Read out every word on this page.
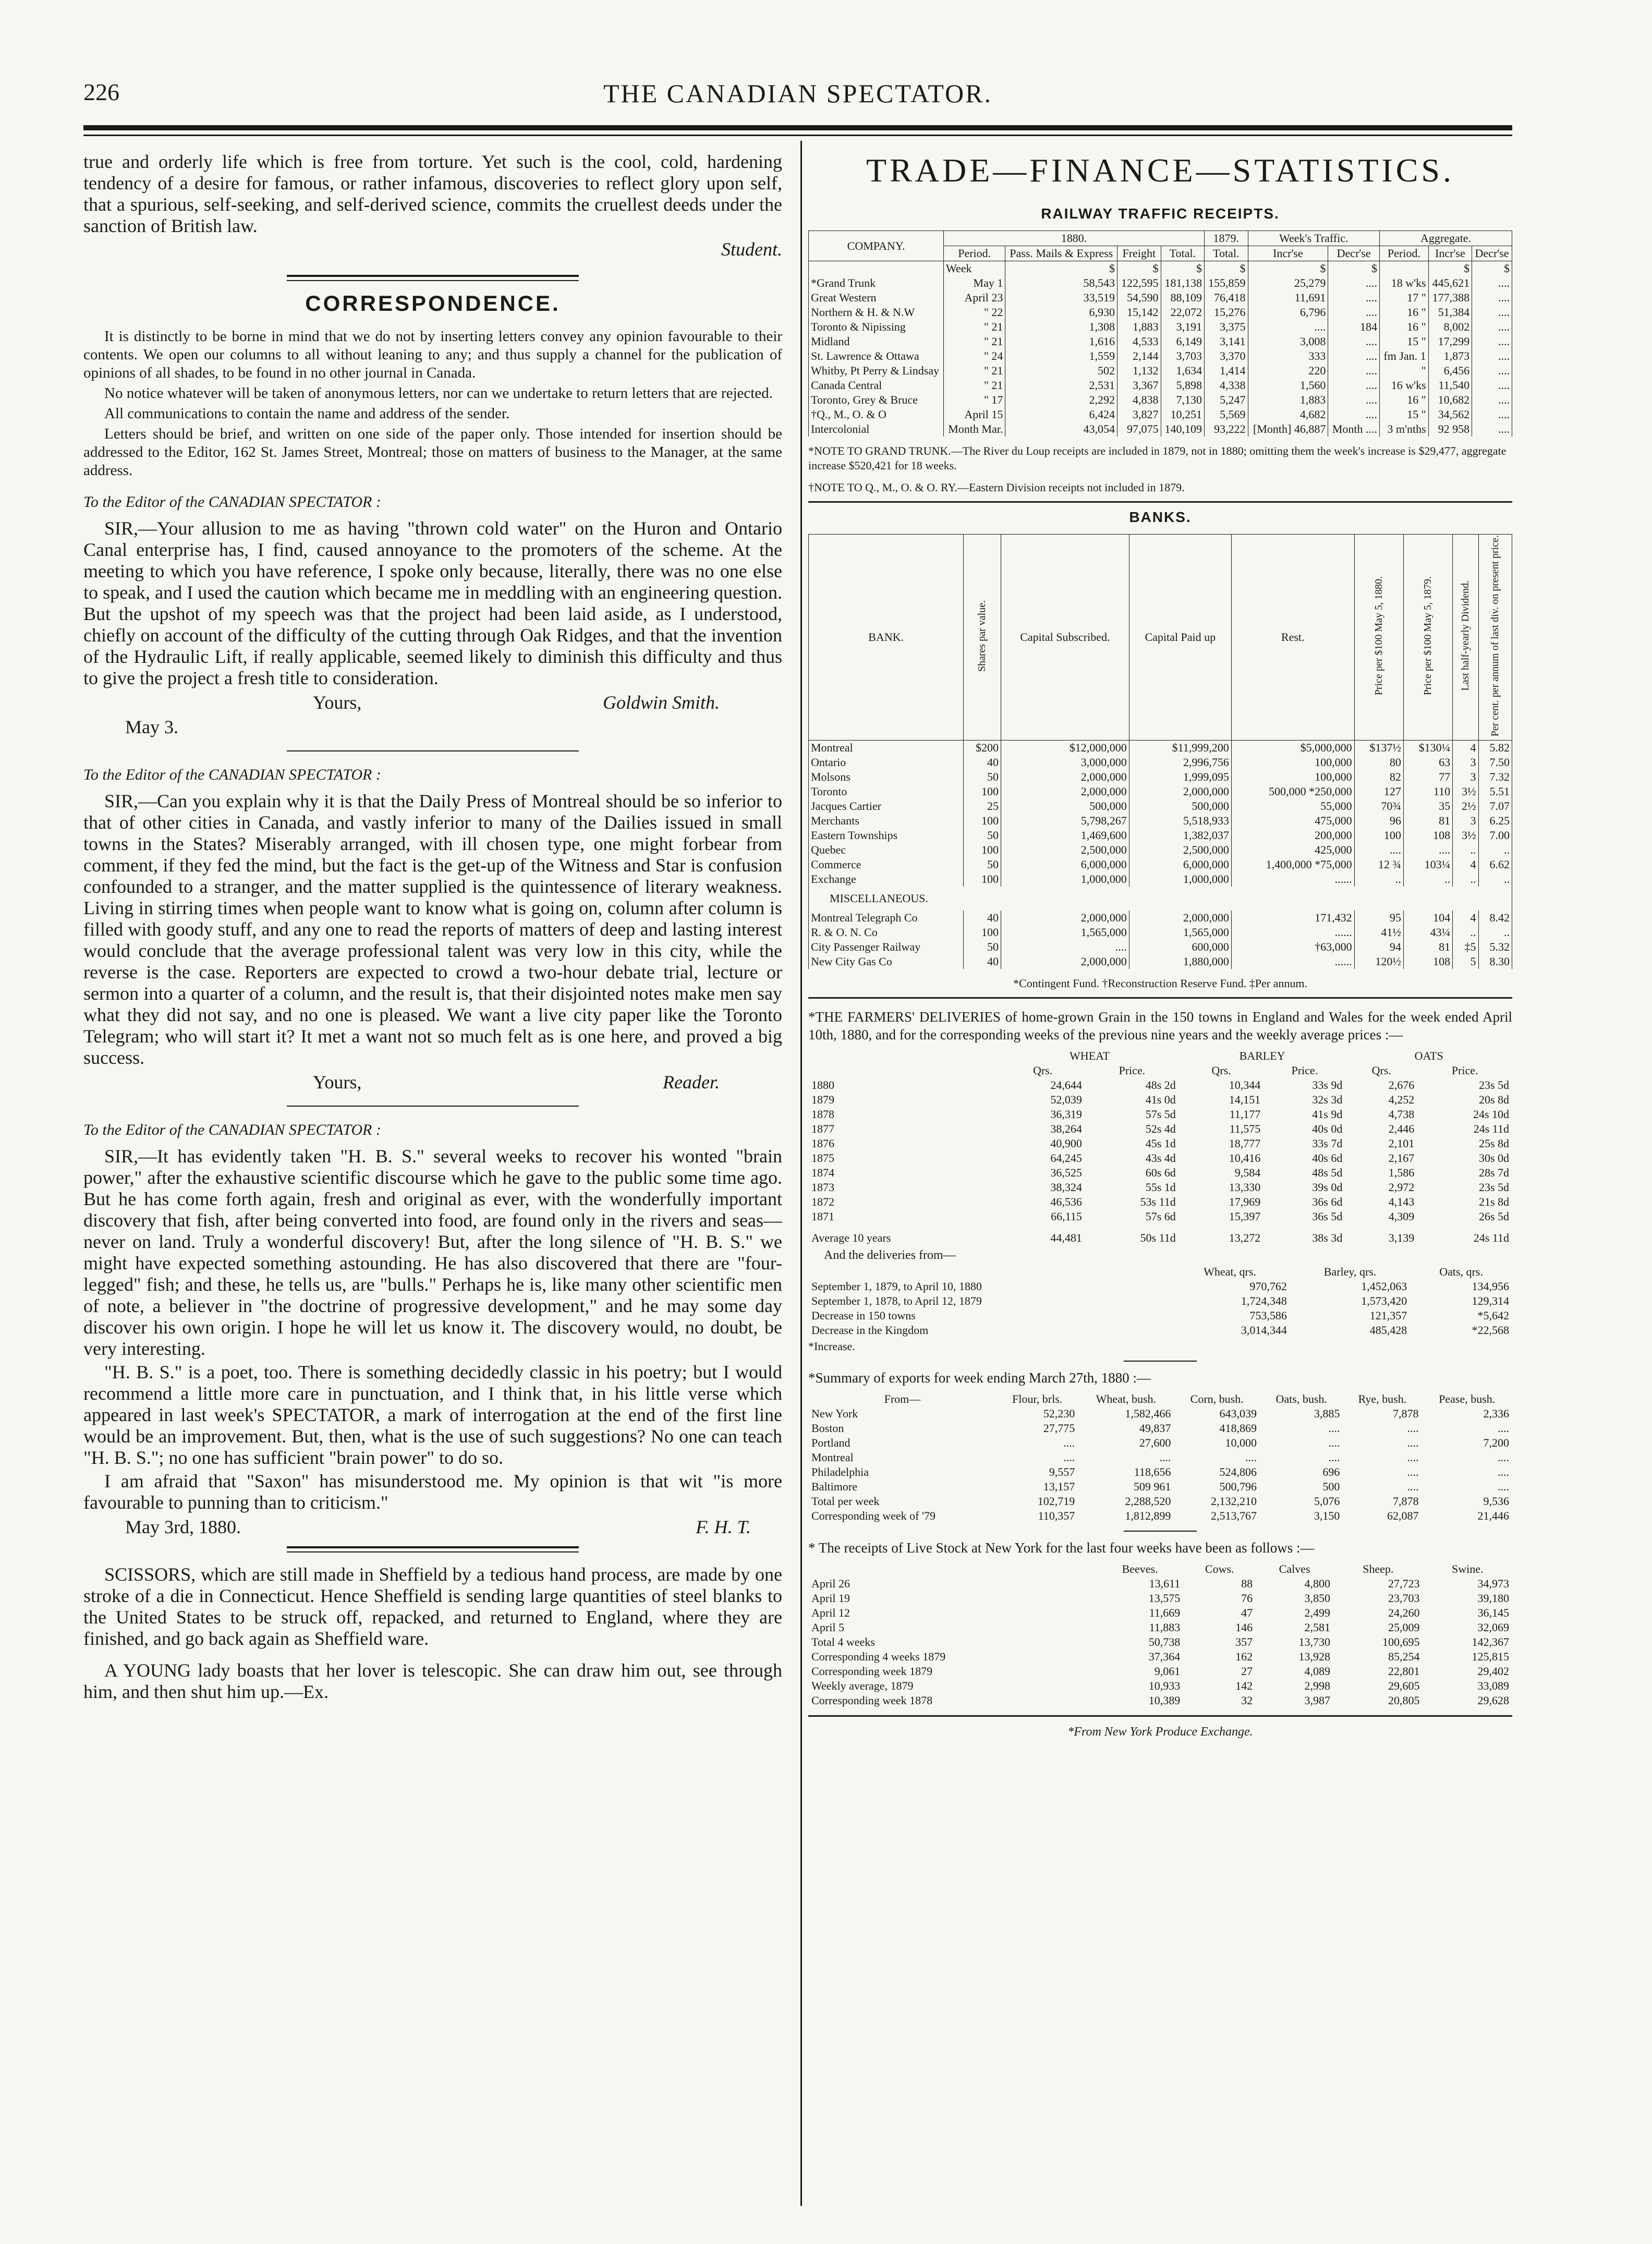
226	THE CANADIAN SPECTATOR.

true and orderly life which is free from torture. Yet such is the cool, cold, hardening tendency of a desire for famous, or rather infamous, discoveries to reflect glory upon self, that a spurious, self-seeking, and self-derived science, commits the cruellest deeds under the sanction of British law.

Student.

CORRESPONDENCE.

It is distinctly to be borne in mind that we do not by inserting letters convey any opinion favourable to their contents. We open our columns to all without leaning to any; and thus supply a channel for the publication of opinions of all shades, to be found in no other journal in Canada.

No notice whatever will be taken of anonymous letters, nor can we undertake to return letters that are rejected.

All communications to contain the name and address of the sender.

Letters should be brief, and written on one side of the paper only. Those intended for insertion should be addressed to the Editor, 162 St. James Street, Montreal; those on matters of business to the Manager, at the same address.

To the Editor of the CANADIAN SPECTATOR :

SIR,—Your allusion to me as having "thrown cold water" on the Huron and Ontario Canal enterprise has, I find, caused annoyance to the promoters of the scheme. At the meeting to which you have reference, I spoke only because, literally, there was no one else to speak, and I used the caution which became me in meddling with an engineering question. But the upshot of my speech was that the project had been laid aside, as I understood, chiefly on account of the difficulty of the cutting through Oak Ridges, and that the invention of the Hydraulic Lift, if really applicable, seemed likely to diminish this difficulty and thus to give the project a fresh title to consideration.

Yours,	Goldwin Smith.
May 3.
To the Editor of the CANADIAN SPECTATOR :

SIR,—Can you explain why it is that the Daily Press of Montreal should be so inferior to that of other cities in Canada, and vastly inferior to many of the Dailies issued in small towns in the States? Miserably arranged, with ill chosen type, one might forbear from comment, if they fed the mind, but the fact is the get-up of the Witness and Star is confusion confounded to a stranger, and the matter supplied is the quintessence of literary weakness. Living in stirring times when people want to know what is going on, column after column is filled with goody stuff, and any one to read the reports of matters of deep and lasting interest would conclude that the average professional talent was very low in this city, while the reverse is the case. Reporters are expected to crowd a two-hour debate trial, lecture or sermon into a quarter of a column, and the result is, that their disjointed notes make men say what they did not say, and no one is pleased. We want a live city paper like the Toronto Telegram; who will start it? It met a want not so much felt as is one here, and proved a big success.

Yours,	Reader.
To the Editor of the CANADIAN SPECTATOR :

SIR,—It has evidently taken "H. B. S." several weeks to recover his wonted "brain power," after the exhaustive scientific discourse which he gave to the public some time ago. But he has come forth again, fresh and original as ever, with the wonderfully important discovery that fish, after being converted into food, are found only in the rivers and seas—never on land. Truly a wonderful discovery! But, after the long silence of "H. B. S." we might have expected something astounding. He has also discovered that there are "four-legged" fish; and these, he tells us, are "bulls." Perhaps he is, like many other scientific men of note, a believer in "the doctrine of progressive development," and he may some day discover his own origin. I hope he will let us know it. The discovery would, no doubt, be very interesting.

"H. B. S." is a poet, too. There is something decidedly classic in his poetry; but I would recommend a little more care in punctuation, and I think that, in his little verse which appeared in last week's SPECTATOR, a mark of interrogation at the end of the first line would be an improvement. But, then, what is the use of such suggestions? No one can teach "H. B. S."; no one has sufficient "brain power" to do so.

I am afraid that "Saxon" has misunderstood me. My opinion is that wit "is more favourable to punning than to criticism."

May 3rd, 1880.	F. H. T.

SCISSORS, which are still made in Sheffield by a tedious hand process, are made by one stroke of a die in Connecticut. Hence Sheffield is sending large quantities of steel blanks to the United States to be struck off, repacked, and returned to England, where they are finished, and go back again as Sheffield ware.

A YOUNG lady boasts that her lover is telescopic. She can draw him out, see through him, and then shut him up.—Ex.

TRADE—FINANCE—STATISTICS.
RAILWAY TRAFFIC RECEIPTS.
COMPANY.	1880.				1879.	Week's Traffic.		Aggregate.		
	Period.	Pass. Mails & Express	Freight	Total.	Total.	Incr'se	Decr'se	Period.	Incr'se	Decr'se
	Week	$	$	$	$	$	$		$	$
*Grand Trunk	May 1	58,543	122,595	181,138	155,859	25,279	....	18 w'ks	445,621	....
Great Western	April 23	33,519	54,590	88,109	76,418	11,691	....	17 "	177,388	....
Northern & H. & N.W	" 22	6,930	15,142	22,072	15,276	6,796	....	16 "	51,384	....
Toronto & Nipissing	" 21	1,308	1,883	3,191	3,375	....	184	16 "	8,002	....
Midland	" 21	1,616	4,533	6,149	3,141	3,008	....	15 "	17,299	....
St. Lawrence & Ottawa	" 24	1,559	2,144	3,703	3,370	333	....	fm Jan. 1	1,873	....
Whitby, Pt Perry & Lindsay	" 21	502	1,132	1,634	1,414	220	....	"	6,456	....
Canada Central	" 21	2,531	3,367	5,898	4,338	1,560	....	16 w'ks	11,540	....
Toronto, Grey & Bruce	" 17	2,292	4,838	7,130	5,247	1,883	....	16 "	10,682	....
†Q., M., O. & O	April 15	6,424	3,827	10,251	5,569	4,682	....	15 "	34,562	....
Intercolonial	Month Mar.	43,054	97,075	140,109	93,222	[Month] 46,887	Month ....	3 m'nths	92 958	....
*NOTE TO GRAND TRUNK.—The River du Loup receipts are included in 1879, not in 1880; omitting them the week's increase is $29,477, aggregate increase $520,421 for 18 weeks.
†NOTE TO Q., M., O. & O. RY.—Eastern Division receipts not included in 1879.
BANKS.
BANK.	Shares par value.	Capital Subscribed.	Capital Paid up	Rest.	Price per $100 May 5, 1880.	Price per $100 May 5, 1879.	Last half-yearly Dividend.	Per cent. per annum of last div. on present price.
Montreal	$200	$12,000,000	$11,999,200	$5,000,000	$137½	$130¼	4	5.82
Ontario	40	3,000,000	2,996,756	100,000	80	63	3	7.50
Molsons	50	2,000,000	1,999,095	100,000	82	77	3	7.32
Toronto	100	2,000,000	2,000,000	500,000 *250,000	127	110	3½	5.51
Jacques Cartier	25	500,000	500,000	55,000	70¾	35	2½	7.07
Merchants	100	5,798,267	5,518,933	475,000	96	81	3	6.25
Eastern Townships	50	1,469,600	1,382,037	200,000	100	108	3½	7.00
Quebec	100	2,500,000	2,500,000	425,000	....	....	..	..
Commerce	50	6,000,000	6,000,000	1,400,000 *75,000	12 ¾	103¼	4	6.62
Exchange	100	1,000,000	1,000,000	......	..	..	..	..
MISCELLANEOUS.								
Montreal Telegraph Co	40	2,000,000	2,000,000	171,432	95	104	4	8.42
R. & O. N. Co	100	1,565,000	1,565,000	......	41½	43¼	..	..
City Passenger Railway	50	....	600,000	†63,000	94	81	‡5	5.32
New City Gas Co	40	2,000,000	1,880,000	......	120½	108	5	8.30
*Contingent Fund. †Reconstruction Reserve Fund. ‡Per annum.
*THE FARMERS' DELIVERIES of home-grown Grain in the 150 towns in England and Wales for the week ended April 10th, 1880, and for the corresponding weeks of the previous nine years and the weekly average prices :—
	WHEAT		BARLEY		OATS	
	Qrs.	Price.	Qrs.	Price.	Qrs.	Price.
1880	24,644	48s 2d	10,344	33s 9d	2,676	23s 5d
1879	52,039	41s 0d	14,151	32s 3d	4,252	20s 8d
1878	36,319	57s 5d	11,177	41s 9d	4,738	24s 10d
1877	38,264	52s 4d	11,575	40s 0d	2,446	24s 11d
1876	40,900	45s 1d	18,777	33s 7d	2,101	25s 8d
1875	64,245	43s 4d	10,416	40s 6d	2,167	30s 0d
1874	36,525	60s 6d	9,584	48s 5d	1,586	28s 7d
1873	38,324	55s 1d	13,330	39s 0d	2,972	23s 5d
1872	46,536	53s 11d	17,969	36s 6d	4,143	21s 8d
1871	66,115	57s 6d	15,397	36s 5d	4,309	26s 5d
Average 10 years	44,481	50s 11d	13,272	38s 3d	3,139	24s 11d
And the deliveries from—
	Wheat, qrs.	Barley, qrs.	Oats, qrs.
September 1, 1879, to April 10, 1880	970,762	1,452,063	134,956
September 1, 1878, to April 12, 1879	1,724,348	1,573,420	129,314
Decrease in 150 towns	753,586	121,357	*5,642
Decrease in the Kingdom	3,014,344	485,428	*22,568
*Increase.
*Summary of exports for week ending March 27th, 1880 :—
From—	Flour, brls.	Wheat, bush.	Corn, bush.	Oats, bush.	Rye, bush.	Pease, bush.
New York	52,230	1,582,466	643,039	3,885	7,878	2,336
Boston	27,775	49,837	418,869	....	....	....
Portland	....	27,600	10,000	....	....	7,200
Montreal	....	....	....	....	....	....
Philadelphia	9,557	118,656	524,806	696	....	....
Baltimore	13,157	509 961	500,796	500	....	....
Total per week	102,719	2,288,520	2,132,210	5,076	7,878	9,536
Corresponding week of '79	110,357	1,812,899	2,513,767	3,150	62,087	21,446
* The receipts of Live Stock at New York for the last four weeks have been as follows :—
	Beeves.	Cows.	Calves	Sheep.	Swine.
April 26	13,611	88	4,800	27,723	34,973
April 19	13,575	76	3,850	23,703	39,180
April 12	11,669	47	2,499	24,260	36,145
April 5	11,883	146	2,581	25,009	32,069
Total 4 weeks	50,738	357	13,730	100,695	142,367
Corresponding 4 weeks 1879	37,364	162	13,928	85,254	125,815
Corresponding week 1879	9,061	27	4,089	22,801	29,402
Weekly average, 1879	10,933	142	2,998	29,605	33,089
Corresponding week 1878	10,389	32	3,987	20,805	29,628
*From New York Produce Exchange.
